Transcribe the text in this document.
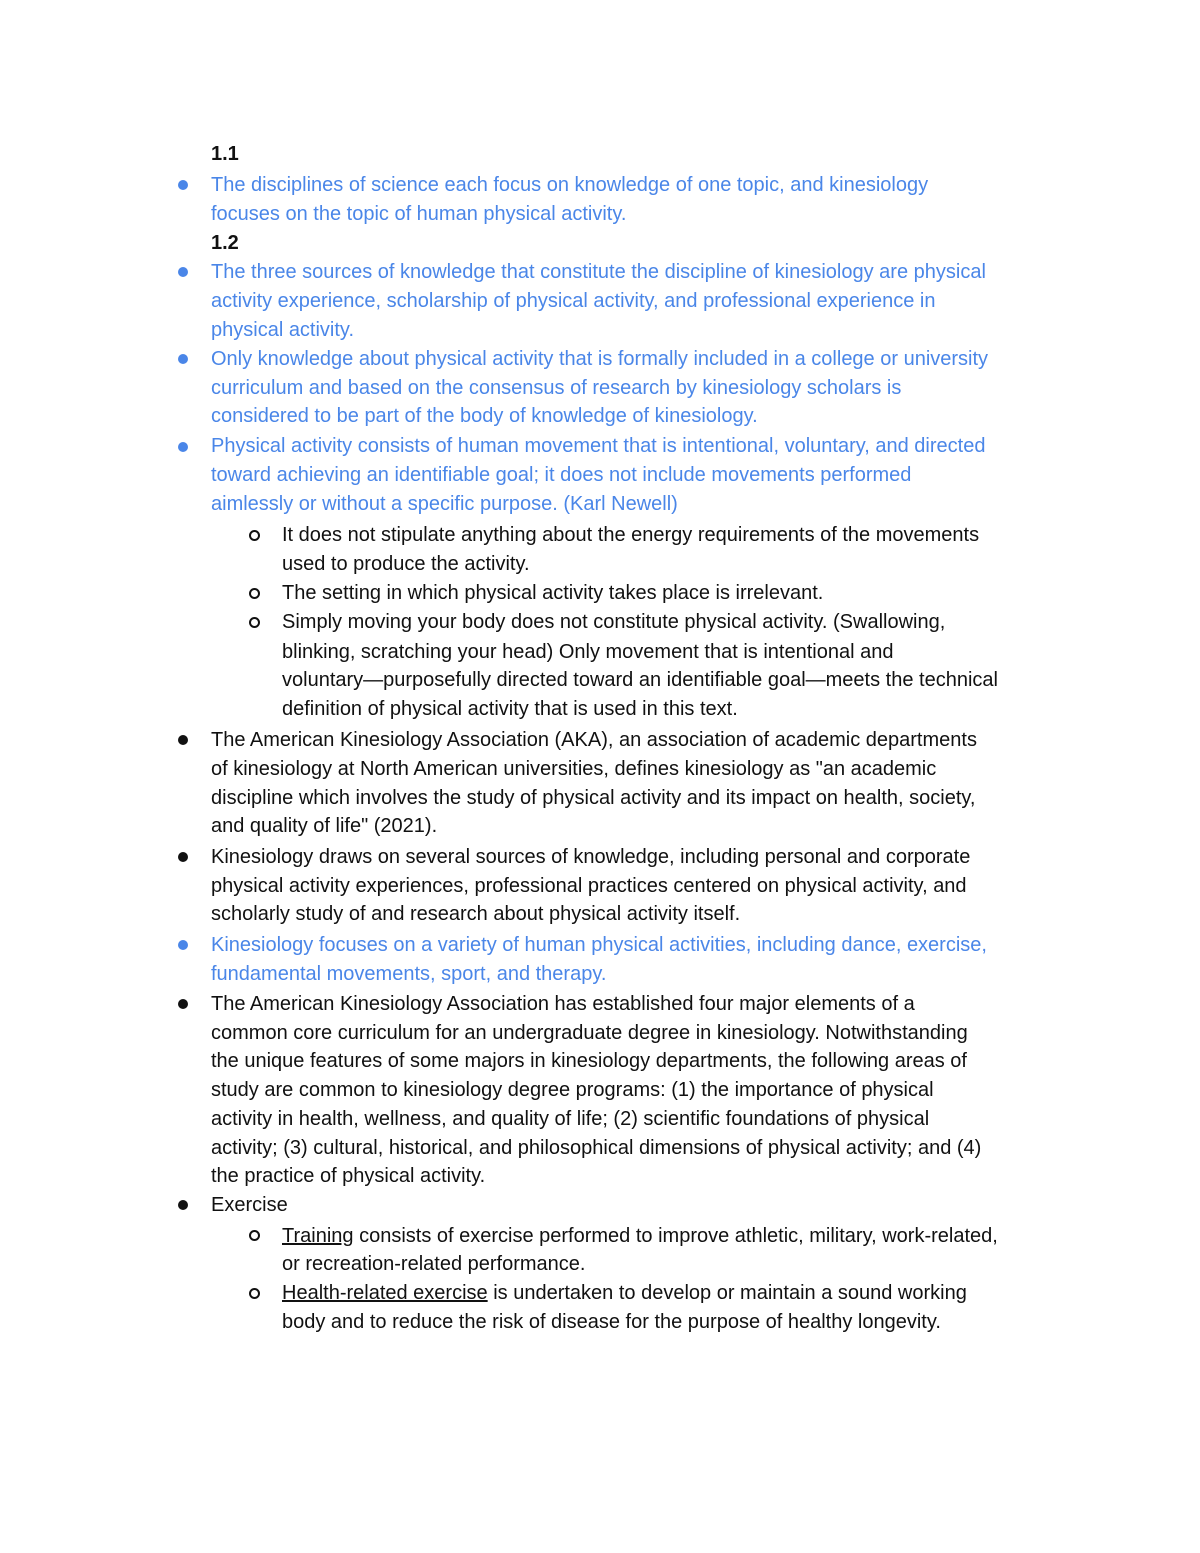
1.1
The disciplines of science each focus on knowledge of one topic, and kinesiology
focuses on the topic of human physical activity.
1.2
The three sources of knowledge that constitute the discipline of kinesiology are physical
activity experience, scholarship of physical activity, and professional experience in
physical activity.
Only knowledge about physical activity that is formally included in a college or university
curriculum and based on the consensus of research by kinesiology scholars is
considered to be part of the body of knowledge of kinesiology.
Physical activity consists of human movement that is intentional, voluntary, and directed
toward achieving an identifiable goal; it does not include movements performed
aimlessly or without a specific purpose. (Karl Newell)
It does not stipulate anything about the energy requirements of the movements
used to produce the activity.
The setting in which physical activity takes place is irrelevant.
Simply moving your body does not constitute physical activity. (Swallowing,
blinking, scratching your head) Only movement that is intentional and
voluntary—purposefully directed toward an identifiable goal—meets the technical
definition of physical activity that is used in this text.
The American Kinesiology Association (AKA), an association of academic departments
of kinesiology at North American universities, defines kinesiology as "an academic
discipline which involves the study of physical activity and its impact on health, society,
and quality of life" (2021).
Kinesiology draws on several sources of knowledge, including personal and corporate
physical activity experiences, professional practices centered on physical activity, and
scholarly study of and research about physical activity itself.
Kinesiology focuses on a variety of human physical activities, including dance, exercise,
fundamental movements, sport, and therapy.
The American Kinesiology Association has established four major elements of a
common core curriculum for an undergraduate degree in kinesiology. Notwithstanding
the unique features of some majors in kinesiology departments, the following areas of
study are common to kinesiology degree programs: (1) the importance of physical
activity in health, wellness, and quality of life; (2) scientific foundations of physical
activity; (3) cultural, historical, and philosophical dimensions of physical activity; and (4)
the practice of physical activity.
Exercise
Training consists of exercise performed to improve athletic, military, work-related,
or recreation-related performance.
Health-related exercise is undertaken to develop or maintain a sound working
body and to reduce the risk of disease for the purpose of healthy longevity.
